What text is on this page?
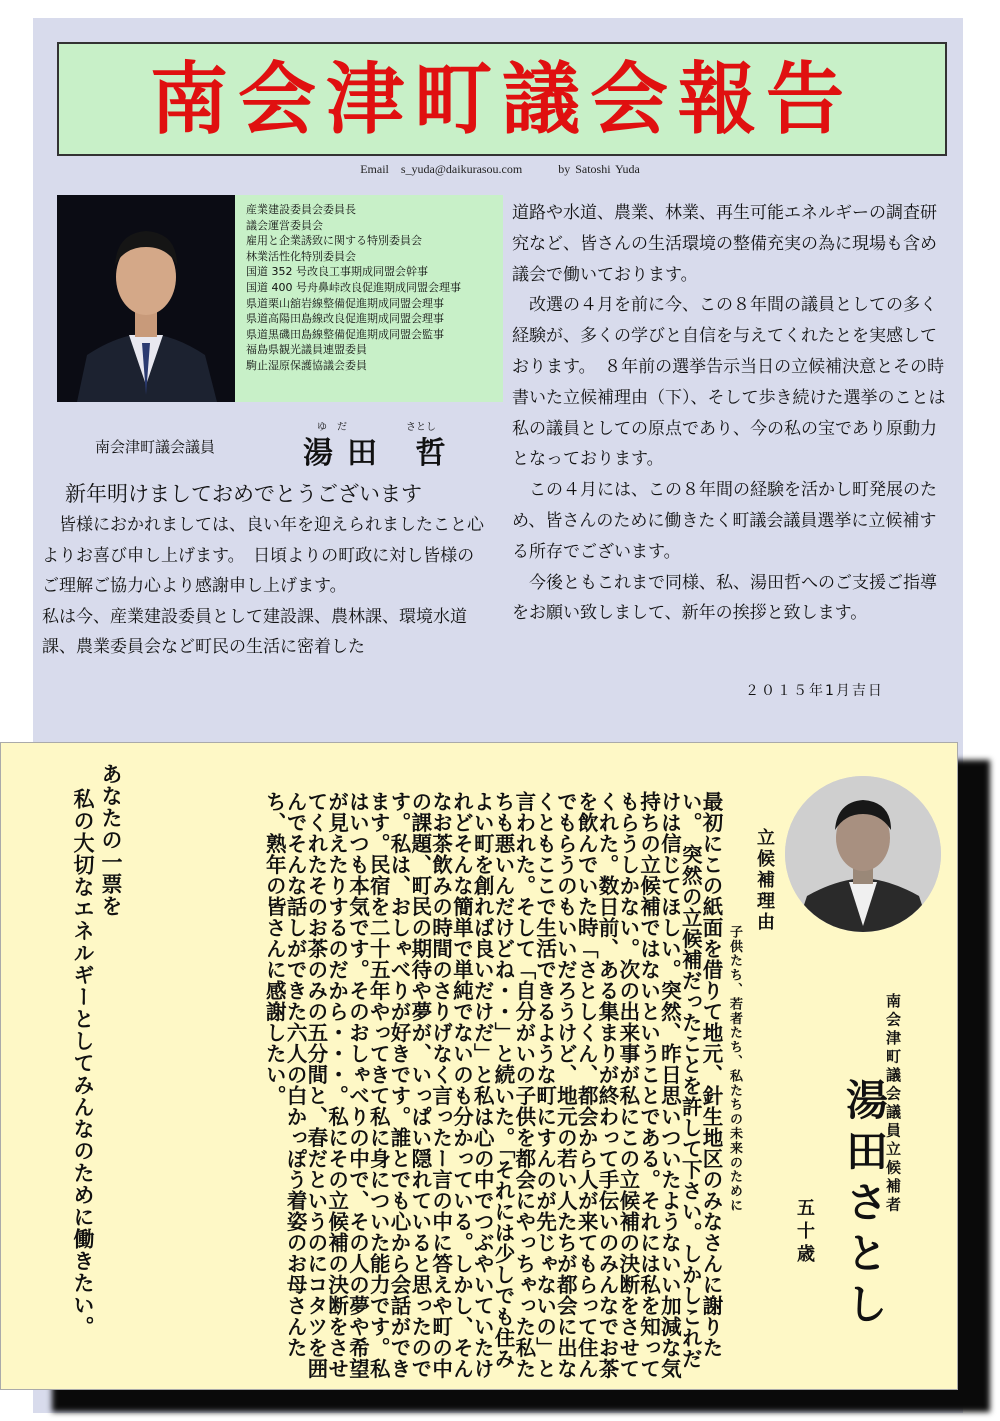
南会津町議会報告
Email　s_yuda@daikurasou.com　　　by Satoshi Yuda
産業建設委員会委員長
議会運営委員会
雇用と企業誘致に関する特別委員会
林業活性化特別委員会
国道 352 号改良工事期成同盟会幹事
国道 400 号舟鼻峠改良促進期成同盟会理事
県道栗山舘岩線整備促進期成同盟会理事
県道高陽田島線改良促進期成同盟会理事
県道黒磯田島線整備促進期成同盟会監事
福島県観光議員連盟委員
駒止湿原保護協議会委員
南会津町議会議員
ゆ　だ	さとし
湯田 哲
新年明けましておめでとうございます

皆様におかれましては、良い年を迎えられましたこと心よりお喜び申し上げます。　日頃よりの町政に対し皆様のご理解ご協力心より感謝申し上げます。

私は今、産業建設委員として建設課、農林課、環境水道課、農業委員会など町民の生活に密着した

道路や水道、農業、林業、再生可能エネルギーの調査研究など、皆さんの生活環境の整備充実の為に現場も含め議会で働いております。

改選の４月を前に今、この８年間の議員としての多く経験が、多くの学びと自信を与えてくれたとを実感しております。　８年前の選挙告示当日の立候補決意とその時書いた立候補理由（下）、そして歩き続けた選挙のことは私の議員としての原点であり、今の私の宝であり原動力となっております。

この４月には、この８年間の経験を活かし町発展のため、皆さんのために働きたく町議会議員選挙に立候補する所存でございます。

今後ともこれまで同様、私、湯田哲へのご支援ご指導をお願い致しまして、新年の挨拶と致します。

２０１５年1月吉日
立候補理由
子供たち、若者たち、私たちの未来のために	南会津町議会議員立候補者
湯田さとし
五十歳

最初にこの紙面を借りて地元、針生地区のみなさんに謝りたい。　突然の立候補だったことを許して下さい。しかしこれだけは信じてほしい。突然、昨日思いついたようないい加減な気持ちの立候補ではないということである。それには私を知ってもらうしかない。次の出来事が私にこの立候補の決断をさせてくれた。数日前、ある集まりが終わって手伝いのみんなでお茶を飲んでいた時「さとしくん、都会から人が来てもらって住んでもらうのもいいだろうけど、地元の若い人たちが都会に出なくともここで生活できるような町にすんのが先じゃないの」と言われた。そして「自分がいの子供を都会にやっちゃった私たちも悪いんだけどね・・」と続いた。「それには少しでも住みよい町を創れば良いだけだ」と私は心の中でつぶやいていたけれどそんな簡単で単純でないのも分かっている。しかし、そんなお茶飲みの時間のさりげなく言ったー言の中に答えや町の中の課題、町民の期待や夢が、いっぱい隠れていると思ったのです。私は、おしゃべりが好きです。誰とでも心から会話ができます。民宿を二十五年やってきて私に身についた能力です。私はいつも本気です。そのおしゃべりの中で、その人の夢や希望が見えたりするのだから・・・。私にその立候補の決断をさせてくれたそのお茶のみの五分間と、春だというのにコタツを囲んでそんな話しができた六人の白かっぽう着姿のお母さんたち、熟年の皆さんに感謝したい。

あなたの一票を

私の大切なエネルギーとしてみんなのために働きたい。
